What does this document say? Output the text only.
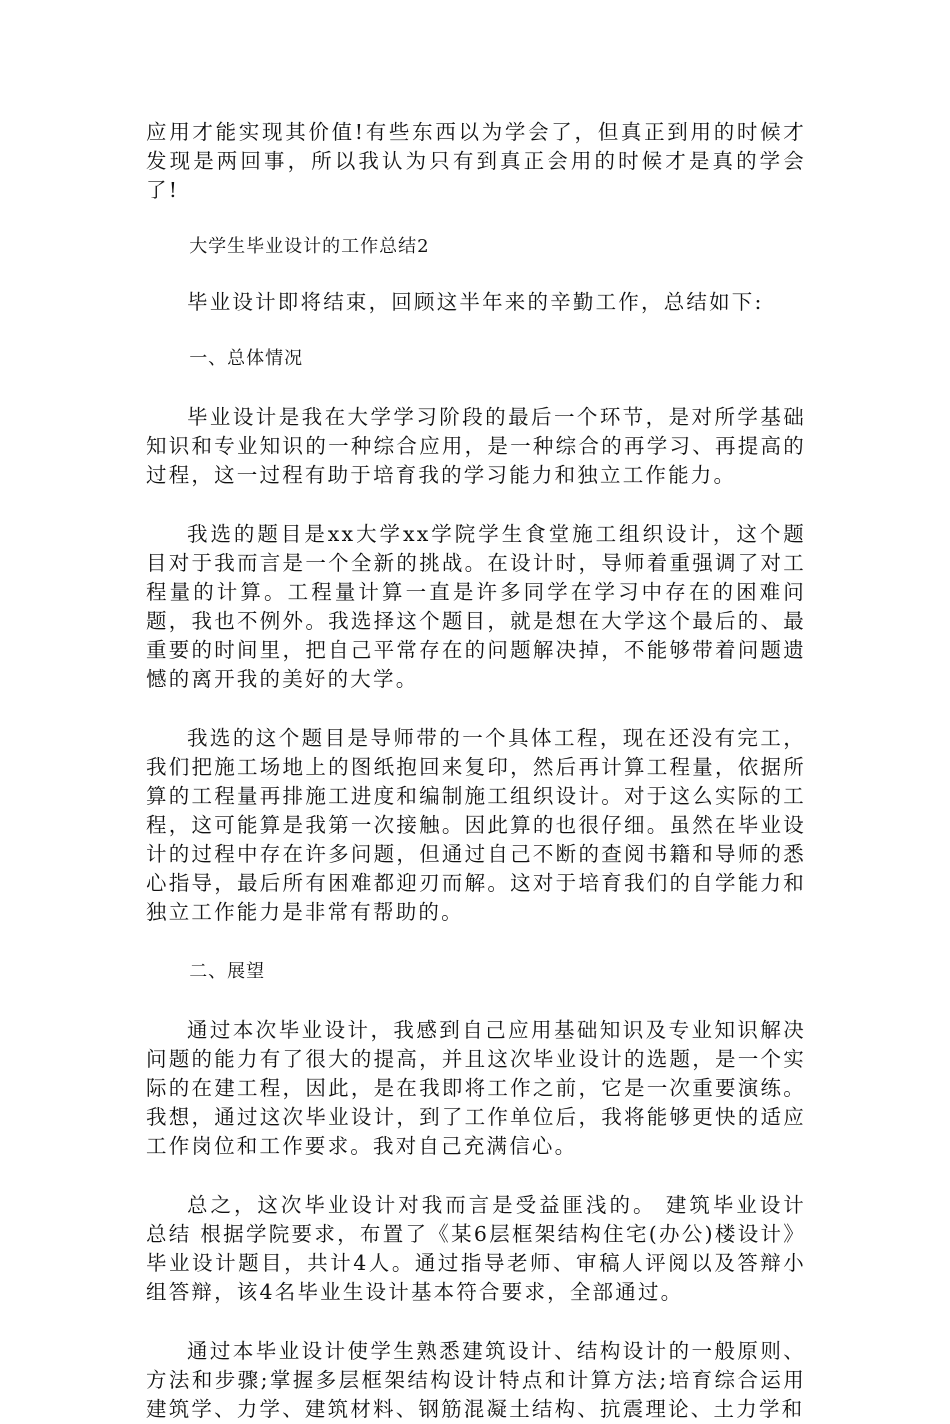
应用才能实现其价值!有些东西以为学会了，但真正到用的时候才发现是两回事，所以我认为只有到真正会用的时候才是真的学会了!

大学生毕业设计的工作总结2

毕业设计即将结束，回顾这半年来的辛勤工作，总结如下:

一、总体情况

毕业设计是我在大学学习阶段的最后一个环节，是对所学基础知识和专业知识的一种综合应用，是一种综合的再学习、再提高的过程，这一过程有助于培育我的学习能力和独立工作能力。

我选的题目是xx大学xx学院学生食堂施工组织设计，这个题目对于我而言是一个全新的挑战。在设计时，导师着重强调了对工程量的计算。工程量计算一直是许多同学在学习中存在的困难问题，我也不例外。我选择这个题目，就是想在大学这个最后的、最重要的时间里，把自己平常存在的问题解决掉，不能够带着问题遗憾的离开我的美好的大学。

我选的这个题目是导师带的一个具体工程，现在还没有完工，我们把施工场地上的图纸抱回来复印，然后再计算工程量，依据所算的工程量再排施工进度和编制施工组织设计。对于这么实际的工程，这可能算是我第一次接触。因此算的也很仔细。虽然在毕业设计的过程中存在许多问题，但通过自己不断的查阅书籍和导师的悉心指导，最后所有困难都迎刃而解。这对于培育我们的自学能力和独立工作能力是非常有帮助的。

二、展望

通过本次毕业设计，我感到自己应用基础知识及专业知识解决问题的能力有了很大的提高，并且这次毕业设计的选题，是一个实际的在建工程，因此，是在我即将工作之前，它是一次重要演练。我想，通过这次毕业设计，到了工作单位后，我将能够更快的适应工作岗位和工作要求。我对自己充满信心。

总之，这次毕业设计对我而言是受益匪浅的。 建筑毕业设计总结 根据学院要求，布置了《某6层框架结构住宅(办公)楼设计》毕业设计题目，共计4人。通过指导老师、审稿人评阅以及答辩小组答辩，该4名毕业生设计基本符合要求，全部通过。

通过本毕业设计使学生熟悉建筑设计、结构设计的一般原则、方法和步骤;掌握多层框架结构设计特点和计算方法;培育综合运用建筑学、力学、建筑材料、钢筋混凝土结构、抗震理论、土力学和
